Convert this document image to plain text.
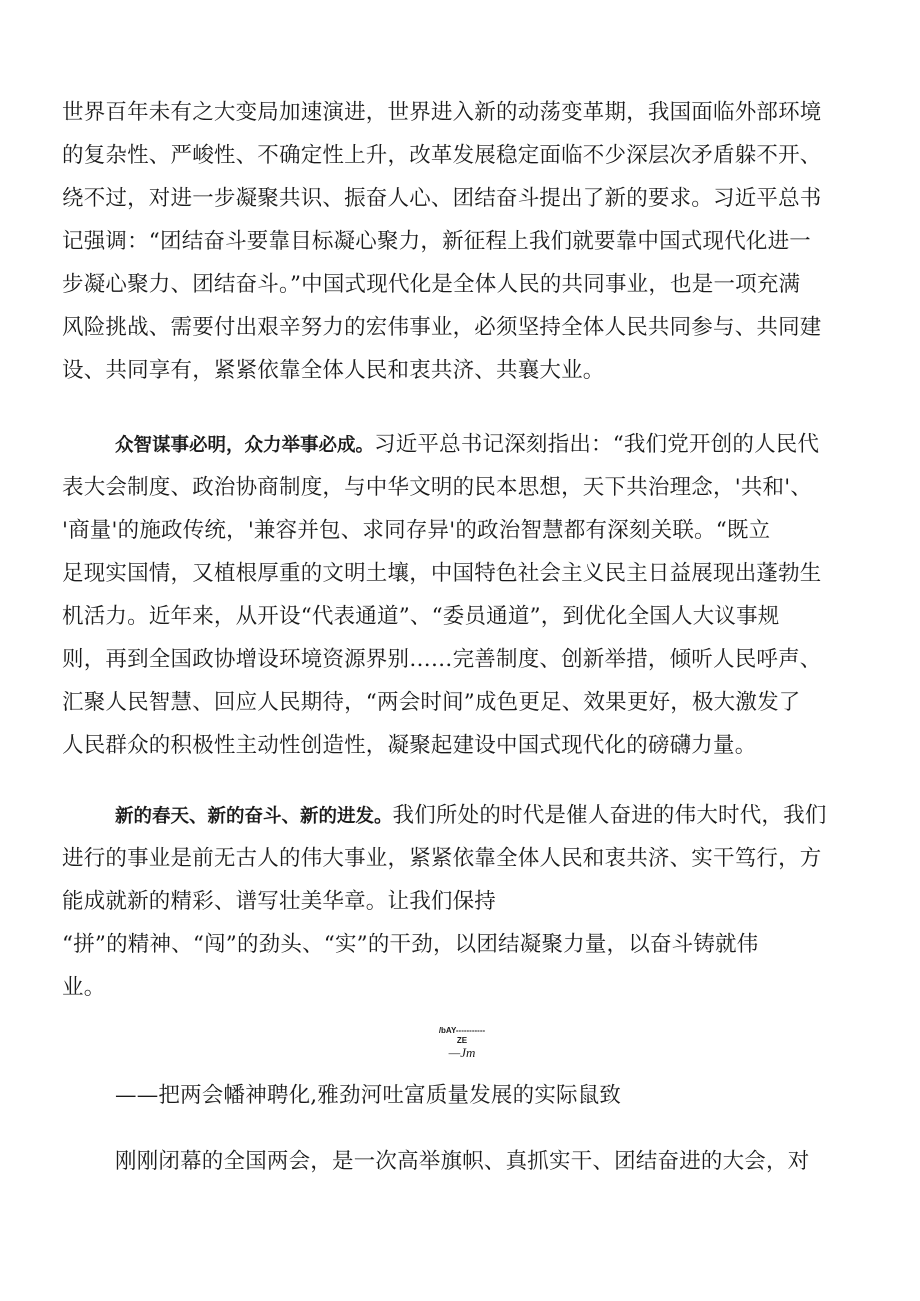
世界百年未有之大变局加速演进，世界进入新的动荡变革期，我国面临外部环境
的复杂性、严峻性、不确定性上升，改革发展稳定面临不少深层次矛盾躲不开、
绕不过，对进一步凝聚共识、振奋人心、团结奋斗提出了新的要求。习近平总书
记强调：“团结奋斗要靠目标凝心聚力，新征程上我们就要靠中国式现代化进一
步凝心聚力、团结奋斗。”中国式现代化是全体人民的共同事业，也是一项充满
风险挑战、需要付出艰辛努力的宏伟事业，必须坚持全体人民共同参与、共同建
设、共同享有，紧紧依靠全体人民和衷共济、共襄大业。
众智谋事必明，众力举事必成。习近平总书记深刻指出：“我们党开创的人民代
表大会制度、政治协商制度，与中华文明的民本思想，天下共治理念，'共和'、
'商量'的施政传统，'兼容并包、求同存异'的政治智慧都有深刻关联。“既立
足现实国情，又植根厚重的文明土壤，中国特色社会主义民主日益展现出蓬勃生
机活力。近年来，从开设“代表通道”、“委员通道”，到优化全国人大议事规
则，再到全国政协增设环境资源界别……完善制度、创新举措，倾听人民呼声、
汇聚人民智慧、回应人民期待，“两会时间”成色更足、效果更好，极大激发了
人民群众的积极性主动性创造性，凝聚起建设中国式现代化的磅礴力量。
新的春天、新的奋斗、新的进发。我们所处的时代是催人奋进的伟大时代，我们
进行的事业是前无古人的伟大事业，紧紧依靠全体人民和衷共济、实干笃行，方
能成就新的精彩、谱写壮美华章。让我们保持
“拼”的精神、“闯”的劲头、“实”的干劲，以团结凝聚力量，以奋斗铸就伟
业。
/bAY-----------ZE
—Jm
——把两会幡神聘化,雅劲河吐富质量发展的实际鼠致
刚刚闭幕的全国两会，是一次高举旗帜、真抓实干、团结奋进的大会，对
